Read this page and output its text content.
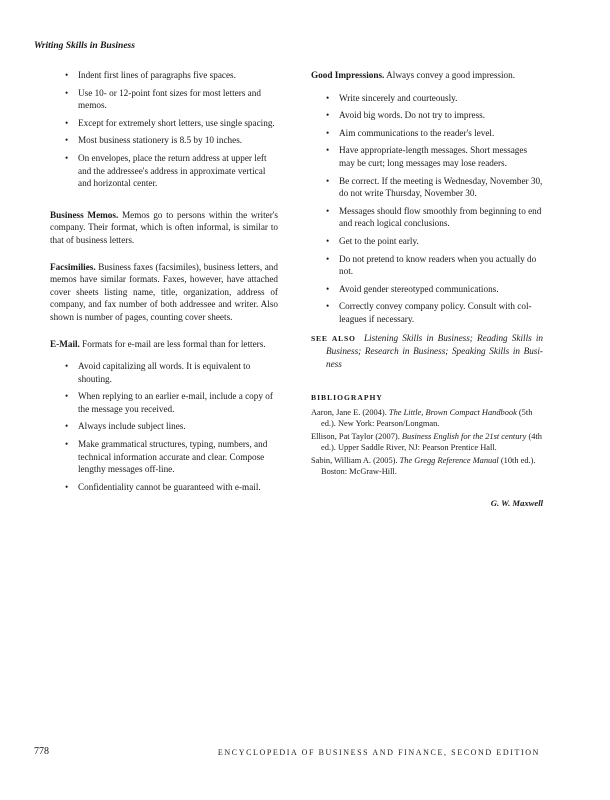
Writing Skills in Business
• Indent first lines of paragraphs five spaces.
• Use 10- or 12-point font sizes for most letters and memos.
• Except for extremely short letters, use single spacing.
• Most business stationery is 8.5 by 10 inches.
• On envelopes, place the return address at upper left and the addressee's address in approximate vertical and horizontal center.

Business Memos. Memos go to persons within the writer's company. Their format, which is often informal, is similar to that of business letters.

Facsimilies. Business faxes (facsimiles), business letters, and memos have similar formats. Faxes, however, have attached cover sheets listing name, title, organization, address of company, and fax number of both addressee and writer. Also shown is number of pages, counting cover sheets.

E-Mail. Formats for e-mail are less formal than for letters.

• Avoid capitalizing all words. It is equivalent to shouting.
• When replying to an earlier e-mail, include a copy of the message you received.
• Always include subject lines.
• Make grammatical structures, typing, numbers, and technical information accurate and clear. Compose lengthy messages off-line.
• Confidentiality cannot be guaranteed with e-mail.

Good Impressions. Always convey a good impression.

• Write sincerely and courteously.
• Avoid big words. Do not try to impress.
• Aim communications to the reader's level.
• Have appropriate-length messages. Short messages may be curt; long messages may lose readers.
• Be correct. If the meeting is Wednesday, November 30, do not write Thursday, November 30.
• Messages should flow smoothly from beginning to end and reach logical conclusions.
• Get to the point early.
• Do not pretend to know readers when you actually do not.
• Avoid gender stereotyped communications.
• Correctly convey company policy. Consult with col-leagues if necessary.

SEE ALSO Listening Skills in Business; Reading Skills in Business; Research in Business; Speaking Skills in Busi-ness

BIBLIOGRAPHY
Aaron, Jane E. (2004). The Little, Brown Compact Handbook (5th ed.). New York: Pearson/Longman.
Ellison, Pat Taylor (2007). Business English for the 21st century (4th ed.). Upper Saddle River, NJ: Pearson Prentice Hall.
Sabin, William A. (2005). The Gregg Reference Manual (10th ed.). Boston: McGraw-Hill.
G. W. Maxwell
778	ENCYCLOPEDIA OF BUSINESS AND FINANCE, SECOND EDITION
